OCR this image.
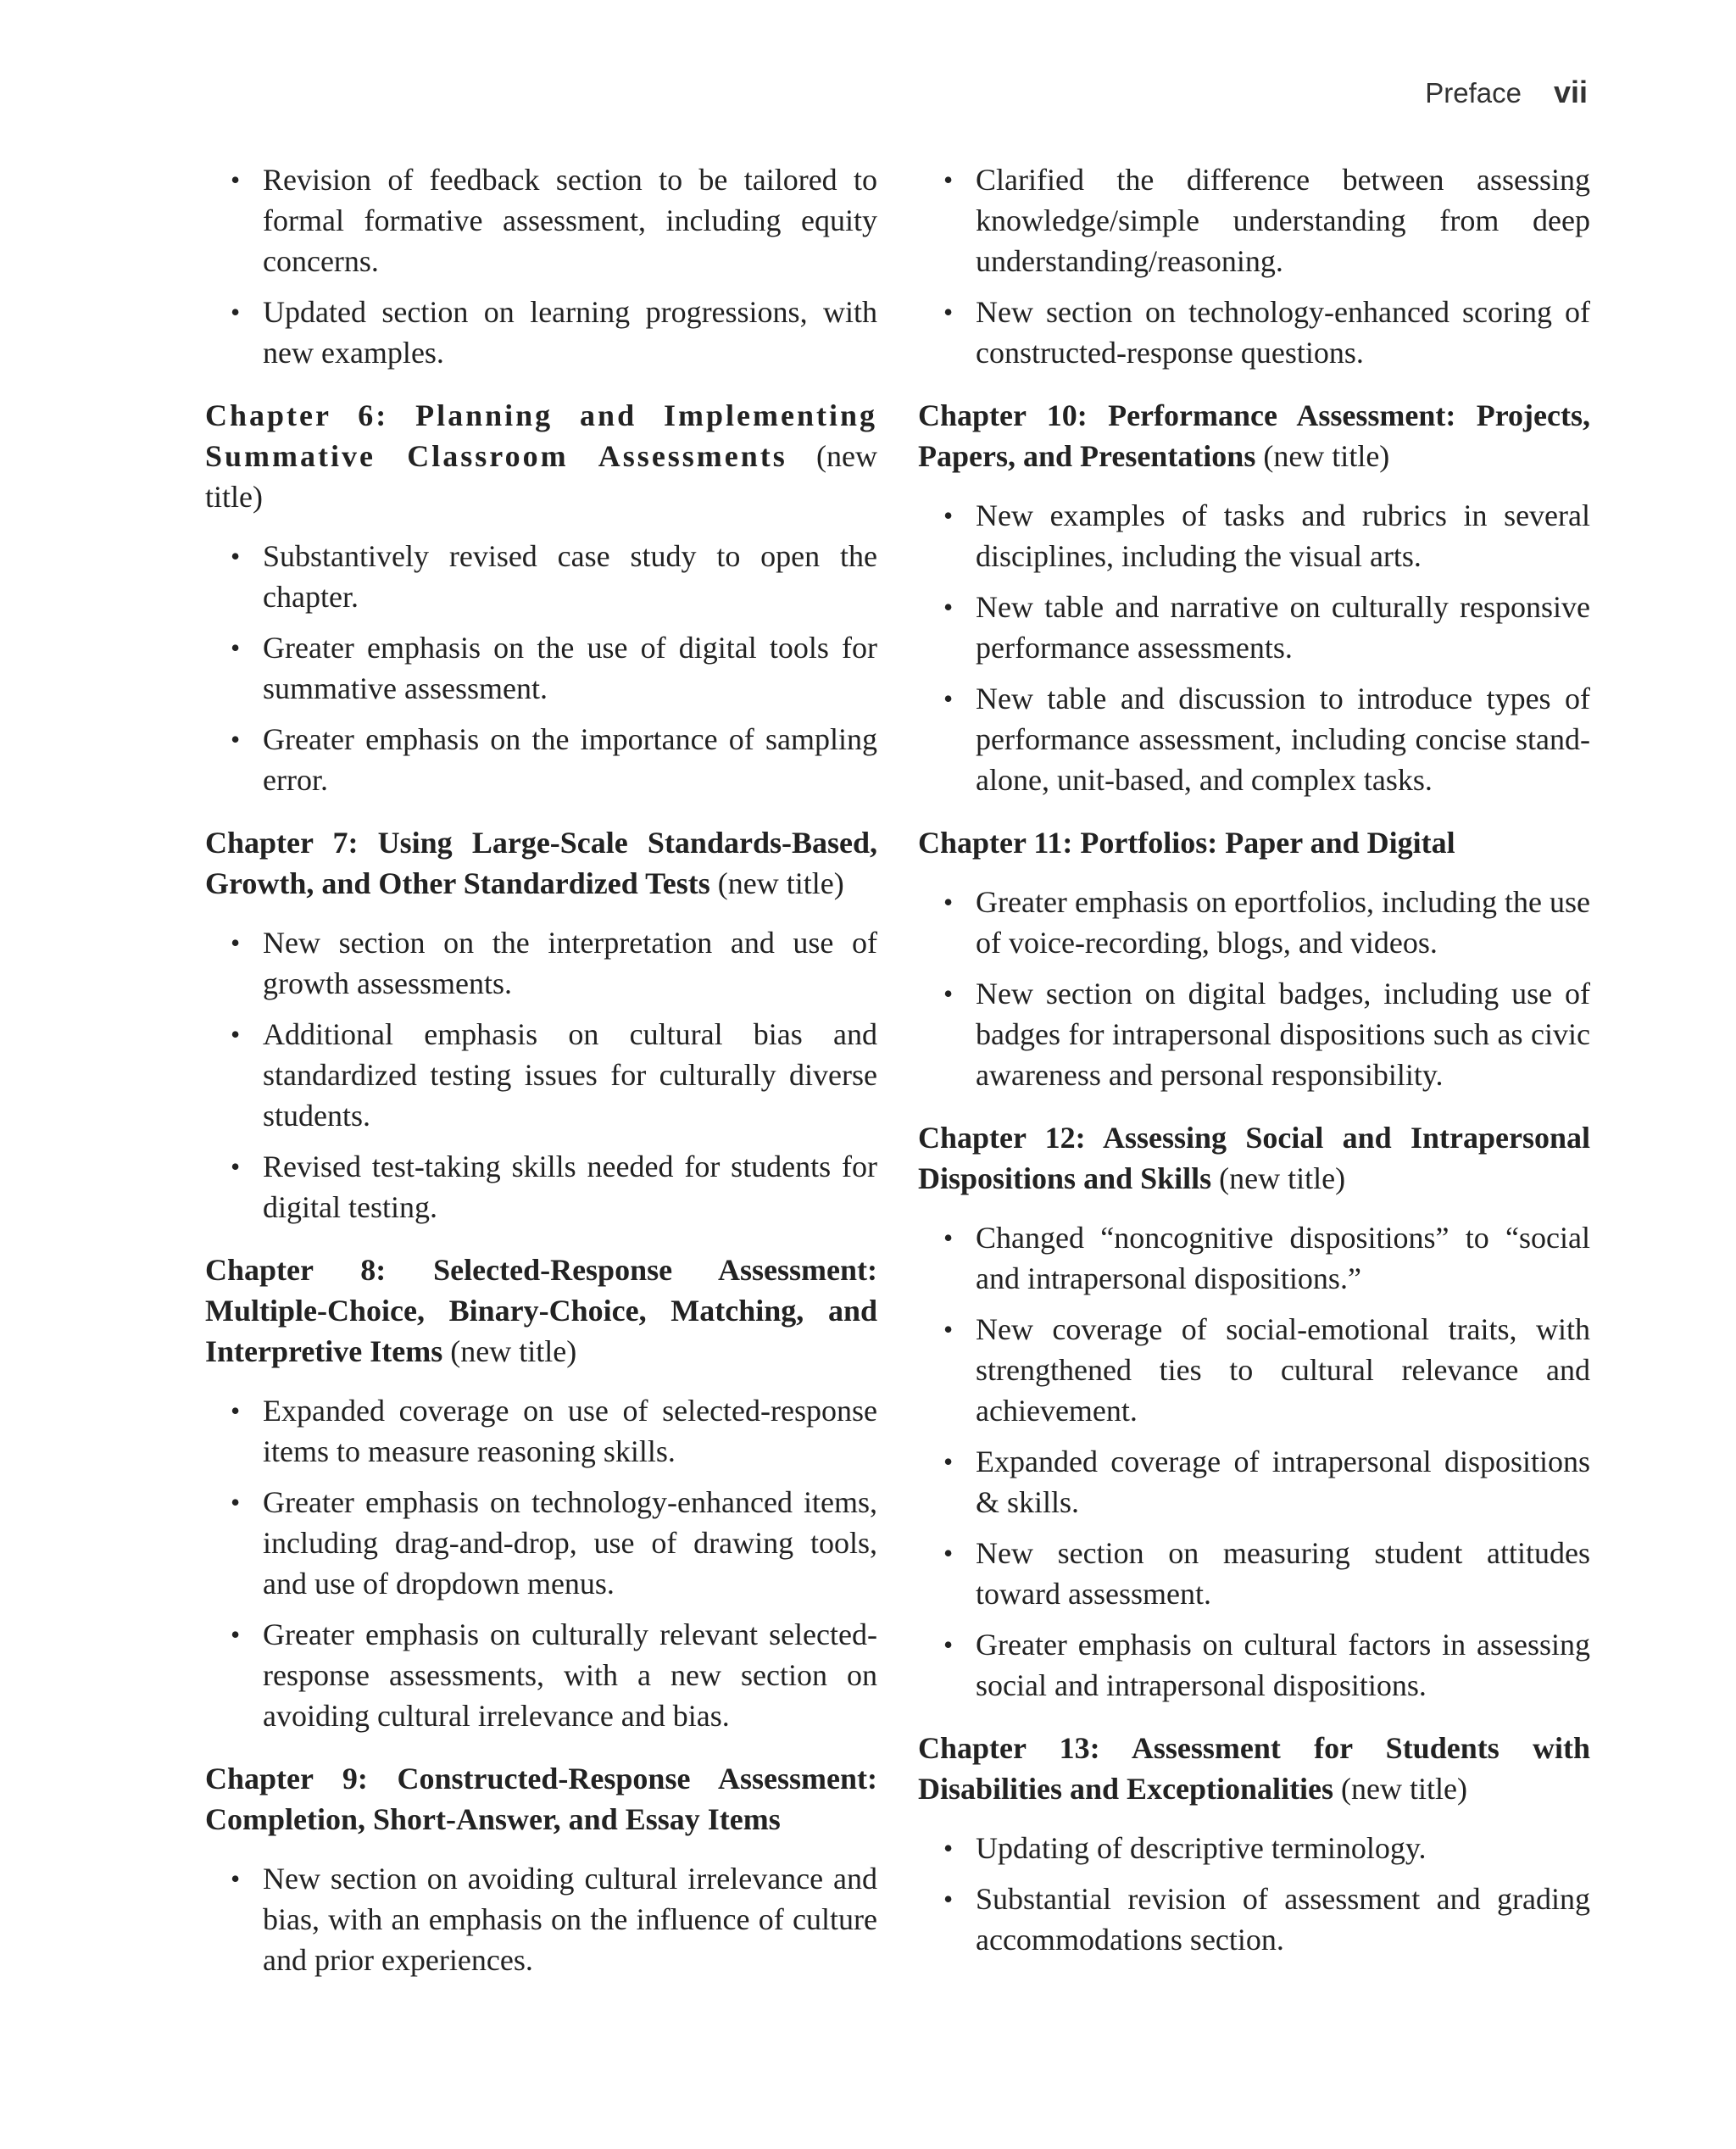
Preface vii
• Revision of feedback section to be tailored to formal formative assessment, including equity concerns.
• Updated section on learning progressions, with new examples.

Chapter 6: Planning and Implementing Summative Classroom Assessments (new title)

• Substantively revised case study to open the chapter.
• Greater emphasis on the use of digital tools for summative assessment.
• Greater emphasis on the importance of sampling error.

Chapter 7: Using Large-Scale Standards-Based, Growth, and Other Standardized Tests (new title)

• New section on the interpretation and use of growth assessments.
• Additional emphasis on cultural bias and standardized testing issues for culturally diverse students.
• Revised test-taking skills needed for students for digital testing.

Chapter 8: Selected-Response Assessment: Multiple-Choice, Binary-Choice, Matching, and Interpretive Items (new title)

• Expanded coverage on use of selected-response items to measure reasoning skills.
• Greater emphasis on technology-enhanced items, including drag-and-drop, use of drawing tools, and use of dropdown menus.
• Greater emphasis on culturally relevant selected-response assessments, with a new section on avoiding cultural irrelevance and bias.

Chapter 9: Constructed-Response Assessment: Completion, Short-Answer, and Essay Items

• New section on avoiding cultural irrelevance and bias, with an emphasis on the influence of culture and prior experiences.
• Clarified the difference between assessing knowledge/simple understanding from deep understanding/reasoning.
• New section on technology-enhanced scoring of constructed-response questions.

Chapter 10: Performance Assessment: Projects, Papers, and Presentations (new title)

• New examples of tasks and rubrics in several disciplines, including the visual arts.
• New table and narrative on culturally responsive performance assessments.
• New table and discussion to introduce types of performance assessment, including concise stand-alone, unit-based, and complex tasks.

Chapter 11: Portfolios: Paper and Digital

• Greater emphasis on eportfolios, including the use of voice-recording, blogs, and videos.
• New section on digital badges, including use of badges for intrapersonal dispositions such as civic awareness and personal responsibility.

Chapter 12: Assessing Social and Intrapersonal Dispositions and Skills (new title)

• Changed “noncognitive dispositions” to “social and intrapersonal dispositions.”
• New coverage of social-emotional traits, with strengthened ties to cultural relevance and achievement.
• Expanded coverage of intrapersonal dispositions & skills.
• New section on measuring student attitudes toward assessment.
• Greater emphasis on cultural factors in assessing social and intrapersonal dispositions.

Chapter 13: Assessment for Students with Disabilities and Exceptionalities (new title)

• Updating of descriptive terminology.
• Substantial revision of assessment and grading accommodations section.
